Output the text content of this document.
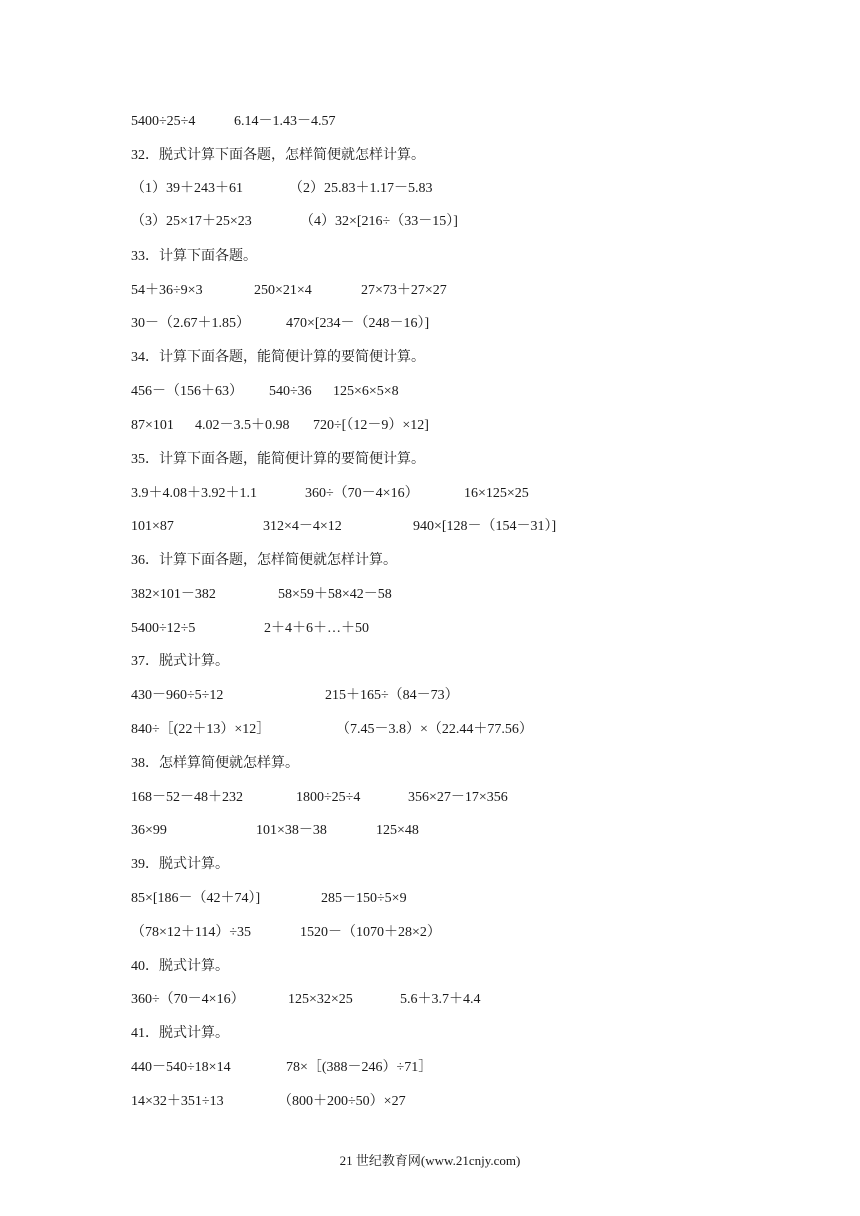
5400÷25÷4	6.14－1.43－4.57
32．脱式计算下面各题，怎样简便就怎样计算。
（1）39＋243＋61	（2）25.83＋1.17－5.83
（3）25×17＋25×23	（4）32×[216÷（33－15）]
33．计算下面各题。
54＋36÷9×3	250×21×4	27×73＋27×27
30－（2.67＋1.85）	470×[234－（248－16）]
34．计算下面各题，能简便计算的要简便计算。
456－（156＋63） 540÷36 125×6×5×8
87×101 4.02－3.5＋0.98 720÷[（12－9）×12]
35．计算下面各题，能简便计算的要简便计算。
3.9＋4.08＋3.92＋1.1	360÷（70－4×16）	16×125×25
101×87	312×4－4×12	940×[128－（154－31）]
36．计算下面各题，怎样简便就怎样计算。
382×101－382	58×59＋58×42－58
5400÷12÷5	2＋4＋6＋…＋50
37．脱式计算。
430－960÷5÷12	215＋165÷（84－73）
840÷［(22＋13）×12］	（7.45－3.8）×（22.44＋77.56）
38．怎样算简便就怎样算。
168－52－48＋232	1800÷25÷4	356×27－17×356
36×99	101×38－38	125×48
39．脱式计算。
85×[186－（42＋74）]	285－150÷5×9
（78×12＋114）÷35	1520－（1070＋28×2）
40．脱式计算。
360÷（70－4×16）	125×32×25	5.6＋3.7＋4.4
41．脱式计算。
440－540÷18×14	78×［(388－246）÷71］
14×32＋351÷13	（800＋200÷50）×27
21 世纪教育网(www.21cnjy.com)
